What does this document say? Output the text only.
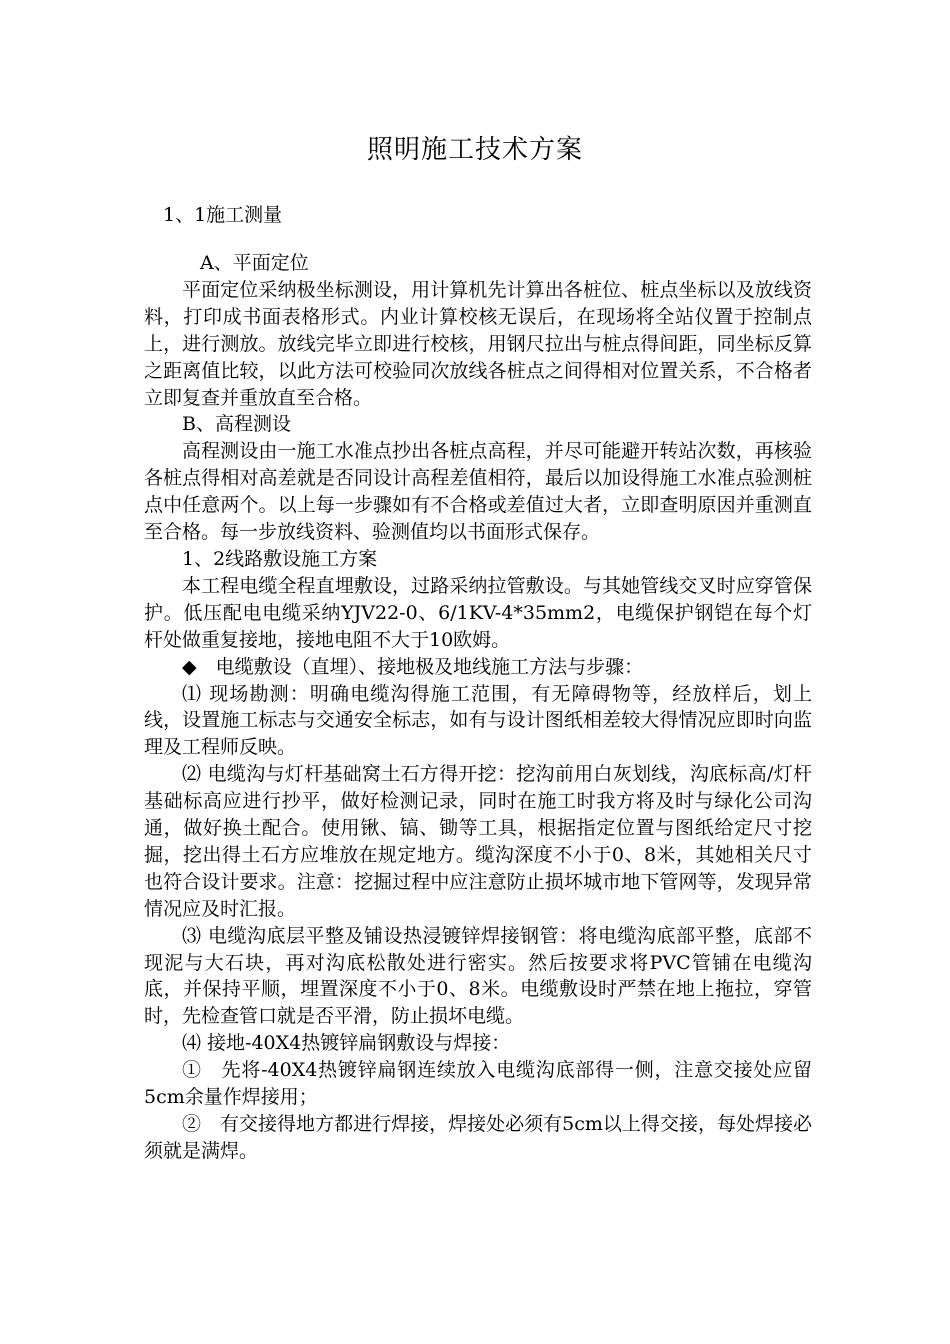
照明施工技术方案
1、1施工测量

A、平面定位

平面定位采纳极坐标测设，用计算机先计算出各桩位、桩点坐标以及放线资料，打印成书面表格形式。内业计算校核无误后，在现场将全站仪置于控制点上，进行测放。放线完毕立即进行校核，用钢尺拉出与桩点得间距，同坐标反算之距离值比较，以此方法可校验同次放线各桩点之间得相对位置关系，不合格者立即复查并重放直至合格。

B、高程测设

高程测设由一施工水准点抄出各桩点高程，并尽可能避开转站次数，再核验各桩点得相对高差就是否同设计高程差值相符，最后以加设得施工水准点验测桩点中任意两个。以上每一步骤如有不合格或差值过大者，立即查明原因并重测直至合格。每一步放线资料、验测值均以书面形式保存。

1、2线路敷设施工方案

本工程电缆全程直埋敷设，过路采纳拉管敷设。与其她管线交叉时应穿管保护。低压配电电缆采纳YJV22-0、6/1KV-4*35mm2，电缆保护钢铠在每个灯杆处做重复接地，接地电阻不大于10欧姆。

◆　电缆敷设（直埋）、接地极及地线施工方法与步骤：

⑴ 现场勘测：明确电缆沟得施工范围，有无障碍物等，经放样后，划上线，设置施工标志与交通安全标志，如有与设计图纸相差较大得情况应即时向监理及工程师反映。

⑵ 电缆沟与灯杆基础窝土石方得开挖：挖沟前用白灰划线，沟底标高/灯杆基础标高应进行抄平，做好检测记录，同时在施工时我方将及时与绿化公司沟通，做好换土配合。使用锹、镐、锄等工具，根据指定位置与图纸给定尺寸挖掘，挖出得土石方应堆放在规定地方。缆沟深度不小于0、8米，其她相关尺寸也符合设计要求。注意：挖掘过程中应注意防止损坏城市地下管网等，发现异常情况应及时汇报。

⑶ 电缆沟底层平整及铺设热浸镀锌焊接钢管：将电缆沟底部平整，底部不现泥与大石块，再对沟底松散处进行密实。然后按要求将PVC管铺在电缆沟底，并保持平顺，埋置深度不小于0、8米。电缆敷设时严禁在地上拖拉，穿管时，先检查管口就是否平滑，防止损坏电缆。

⑷ 接地-40X4热镀锌扁钢敷设与焊接：

①　先将-40X4热镀锌扁钢连续放入电缆沟底部得一侧，注意交接处应留5cm余量作焊接用；

②　有交接得地方都进行焊接，焊接处必须有5cm以上得交接，每处焊接必须就是满焊。
